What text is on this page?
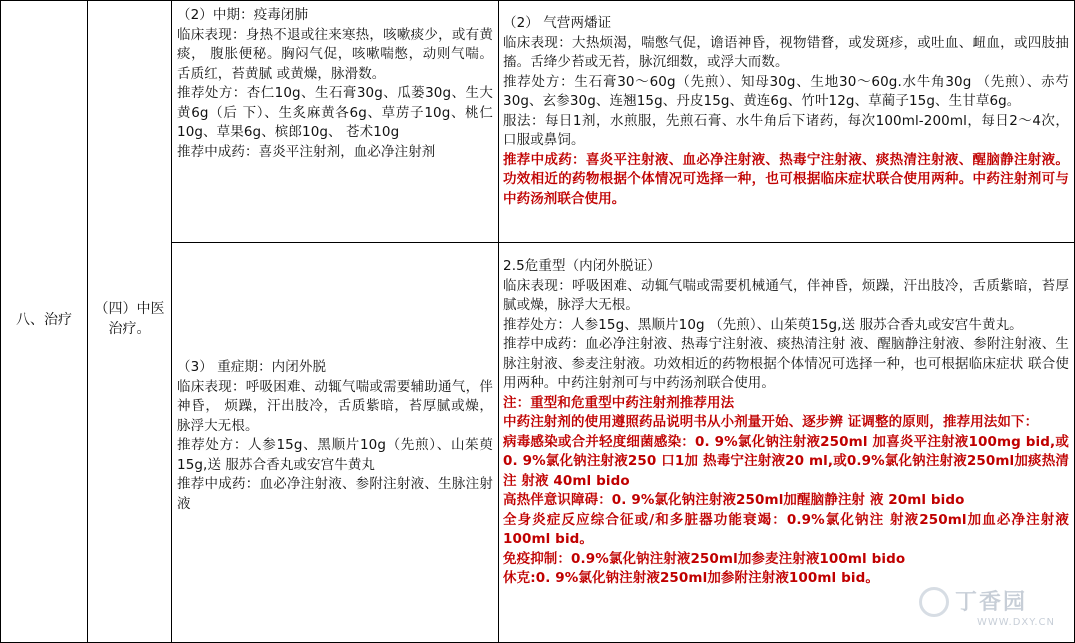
八、治疗
（四）中医
治疗。

（2）中期：疫毒闭肺

临床表现：身热不退或往来寒热，咳嗽痰少，或有黄痰， 腹胀便秘。胸闷气促，咳嗽喘憋，动则气喘。舌质红，苔黄腻 或黄燥，脉滑数。

推荐处方：杏仁10g、生石膏30g、瓜蒌30g、生大黄6g（后 下）、生炙麻黄各6g、草苈子10g、桃仁10g、草果6g、槟郎10g、 苍术10g

推荐中成药：喜炎平注射剂，血必净注射剂

（3） 重症期：内闭外脱

临床表现：呼吸困难、动辄气喘或需要辅助通气，伴神昏， 烦躁，汗出肢冷，舌质紫暗，苔厚腻或燥，脉浮大无根。

推荐处方：人参15g、黑顺片10g（先煎）、山茱萸15g,送 服苏合香丸或安宫牛黄丸

推荐中成药：血必净注射液、参附注射液、生脉注射液

（2） 气营两燔证

临床表现：大热烦渴，喘憋气促，谵语神昏，视物错瞀，或发斑疹，或吐血、衄血，或四肢抽搐。舌绛少苔或无苔，脉沉细数，或浮大而数。

推荐处方：生石膏30～60g（先煎）、知母30g、生地30～60g.水牛角30g （先煎）、赤芍30g、玄参30g、连翘15g、丹皮15g、黄连6g、竹叶12g、草蔺子15g、生甘草6g。

服法：每日1剂，水煎服，先煎石膏、水牛角后下诸药，每次100ml-200ml，每日2～4次，口服或鼻饲。

推荐中成药：喜炎平注射液、血必净注射液、热毒宁注射液、痰热清注射液、醒脑静注射液。功效相近的药物根据个体情况可选择一种，也可根据临床症状联合使用两种。中药注射剂可与中药汤剂联合使用。

2.5危重型（内闭外脱证）

临床表现：呼吸困难、动辄气喘或需要机械通气，伴神昏，烦躁，汗出肢冷，舌质紫暗，苔厚腻或燥，脉浮大无根。

推荐处方：人参15g、黑顺片10g （先煎）、山茱萸15g,送 服苏合香丸或安宫牛黄丸。

推荐中成药：血必净注射液、热毒宁注射液、痰热清注射 液、醒脑静注射液、参附注射液、生脉注射液、参麦注射液。功效相近的药物根据个体情况可选择一种，也可根据临床症状 联合使用两种。中药注射剂可与中药汤剂联合使用。

注：重型和危重型中药注射剂推荐用法

中药注射剂的使用遵照药品说明书从小剂量开始、逐步辨 证调整的原则，推荐用法如下：

病毒感染或合并轻度细菌感染：0. 9%氯化钠注射液250ml 加喜炎平注射液100mg bid,或0. 9%氯化钠注射液250 口1加 热毒宁注射液20 ml,或0.9%氯化钠注射液250ml加痰热清注 射液 40ml bido

高热伴意识障碍：0. 9%氯化钠注射液250ml加醒脑静注射 液 20ml bido

全身炎症反应综合征或/和多脏器功能衰竭：0.9%氯化钠注 射液250ml加血必净注射液100ml bid。

免疫抑制：0.9%氯化钠注射液250ml加参麦注射液100ml bido

休克:0. 9%氯化钠注射液250ml加参附注射液100ml bid。

丁香园
WWW.DXY.CN
